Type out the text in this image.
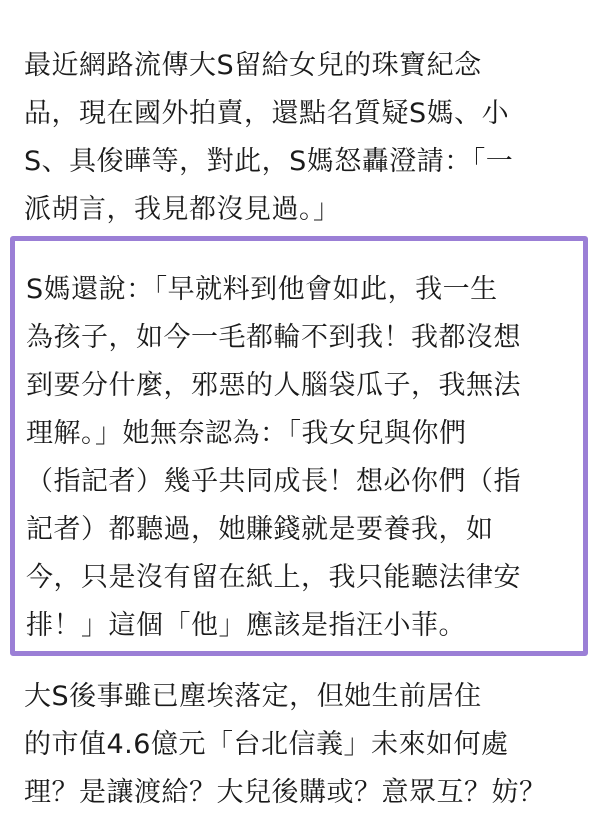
最近網路流傳大S留給女兒的珠寶紀念
品，現在國外拍賣，還點名質疑S媽、小
S、具俊曄等，對此，S媽怒轟澄請：「一
派胡言，我見都沒見過。」
S媽還說：「早就料到他會如此，我一生
為孩子，如今一毛都輪不到我！我都沒想
到要分什麼，邪惡的人腦袋瓜子，我無法
理解。」她無奈認為：「我女兒與你們
（指記者）幾乎共同成長！想必你們（指
記者）都聽過，她賺錢就是要養我，如
今，只是沒有留在紙上，我只能聽法律安
排！」這個「他」應該是指汪小菲。
大S後事雖已塵埃落定，但她生前居住
的市值4.6億元「台北信義」未來如何處
理？是讓渡給？大兒後購或？意眾互？妨？
